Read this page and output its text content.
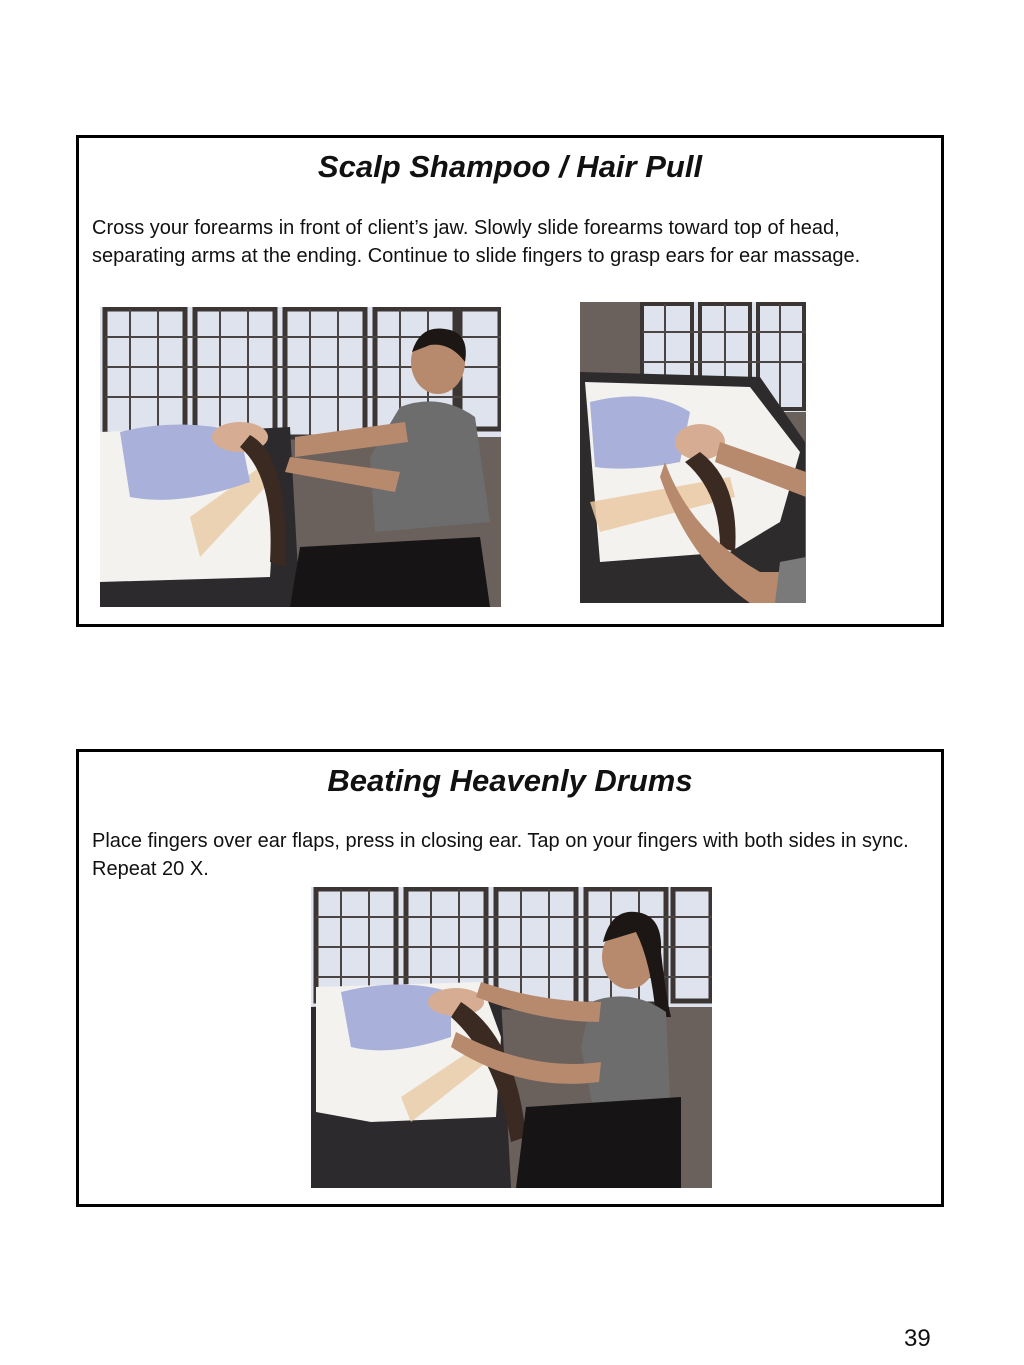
Scalp Shampoo / Hair Pull

Cross your forearms in front of client’s jaw. Slowly slide forearms toward top of head, separating arms at the ending. Continue to slide fingers to grasp ears for ear massage.

Beating Heavenly Drums

Place fingers over ear flaps, press in closing ear. Tap on your fingers with both sides in sync. Repeat 20 X.

39
